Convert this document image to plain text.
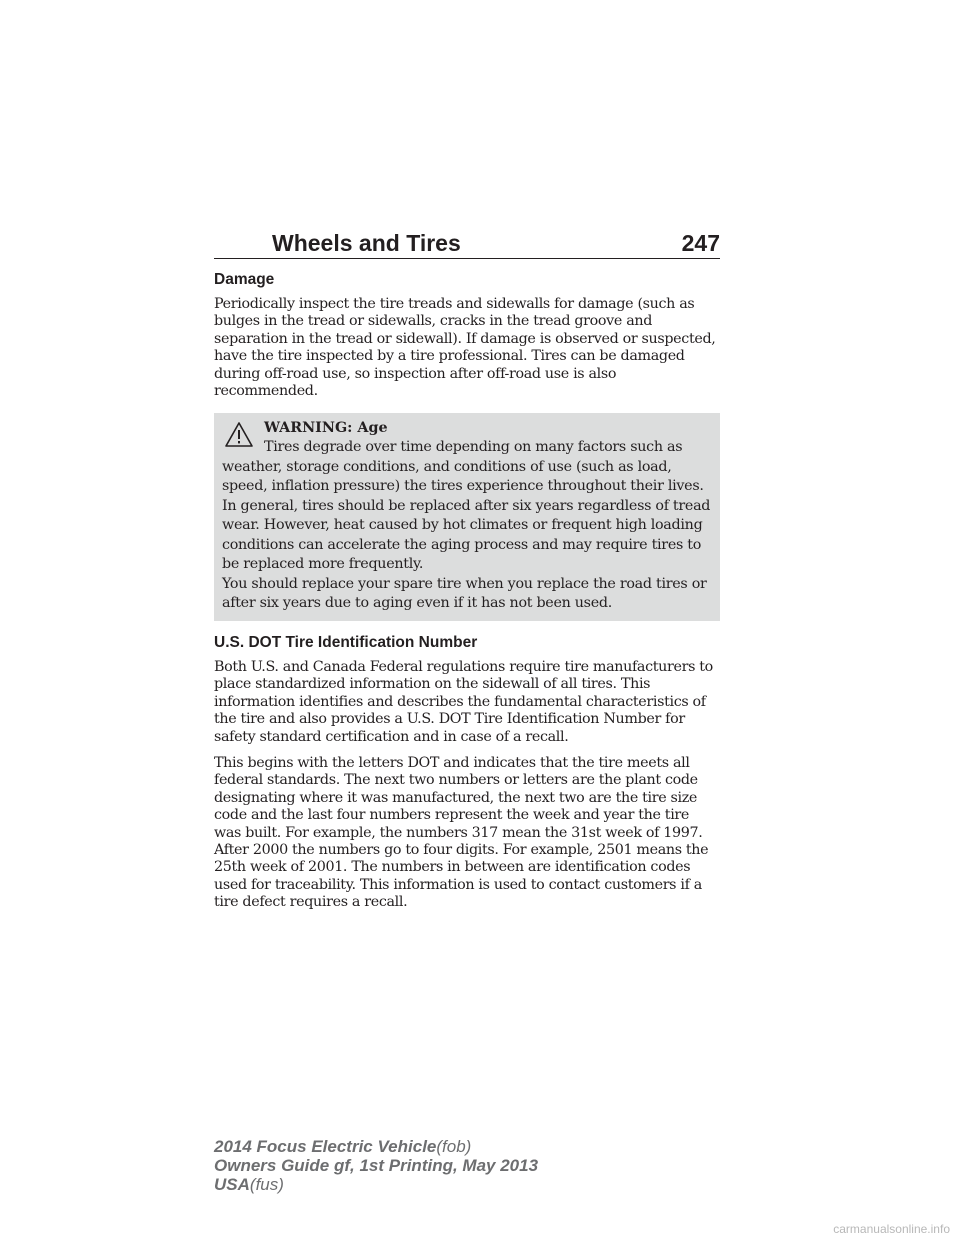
Wheels and Tires	247
Damage

Periodically inspect the tire treads and sidewalls for damage (such as bulges in the tread or sidewalls, cracks in the tread groove and separation in the tread or sidewall). If damage is observed or suspected, have the tire inspected by a tire professional. Tires can be damaged during off-road use, so inspection after off-road use is also recommended.

WARNING: Age

Tires degrade over time depending on many factors such as weather, storage conditions, and conditions of use (such as load, speed, inflation pressure) the tires experience throughout their lives. In general, tires should be replaced after six years regardless of tread wear. However, heat caused by hot climates or frequent high loading conditions can accelerate the aging process and may require tires to be replaced more frequently.

You should replace your spare tire when you replace the road tires or after six years due to aging even if it has not been used.

U.S. DOT Tire Identification Number

Both U.S. and Canada Federal regulations require tire manufacturers to place standardized information on the sidewall of all tires. This information identifies and describes the fundamental characteristics of the tire and also provides a U.S. DOT Tire Identification Number for safety standard certification and in case of a recall.

This begins with the letters DOT and indicates that the tire meets all federal standards. The next two numbers or letters are the plant code designating where it was manufactured, the next two are the tire size code and the last four numbers represent the week and year the tire was built. For example, the numbers 317 mean the 31st week of 1997. After 2000 the numbers go to four digits. For example, 2501 means the 25th week of 2001. The numbers in between are identification codes used for traceability. This information is used to contact customers if a tire defect requires a recall.

2014 Focus Electric Vehicle(fob)
Owners Guide gf, 1st Printing, May 2013
USA(fus)
carmanualsonline.info
